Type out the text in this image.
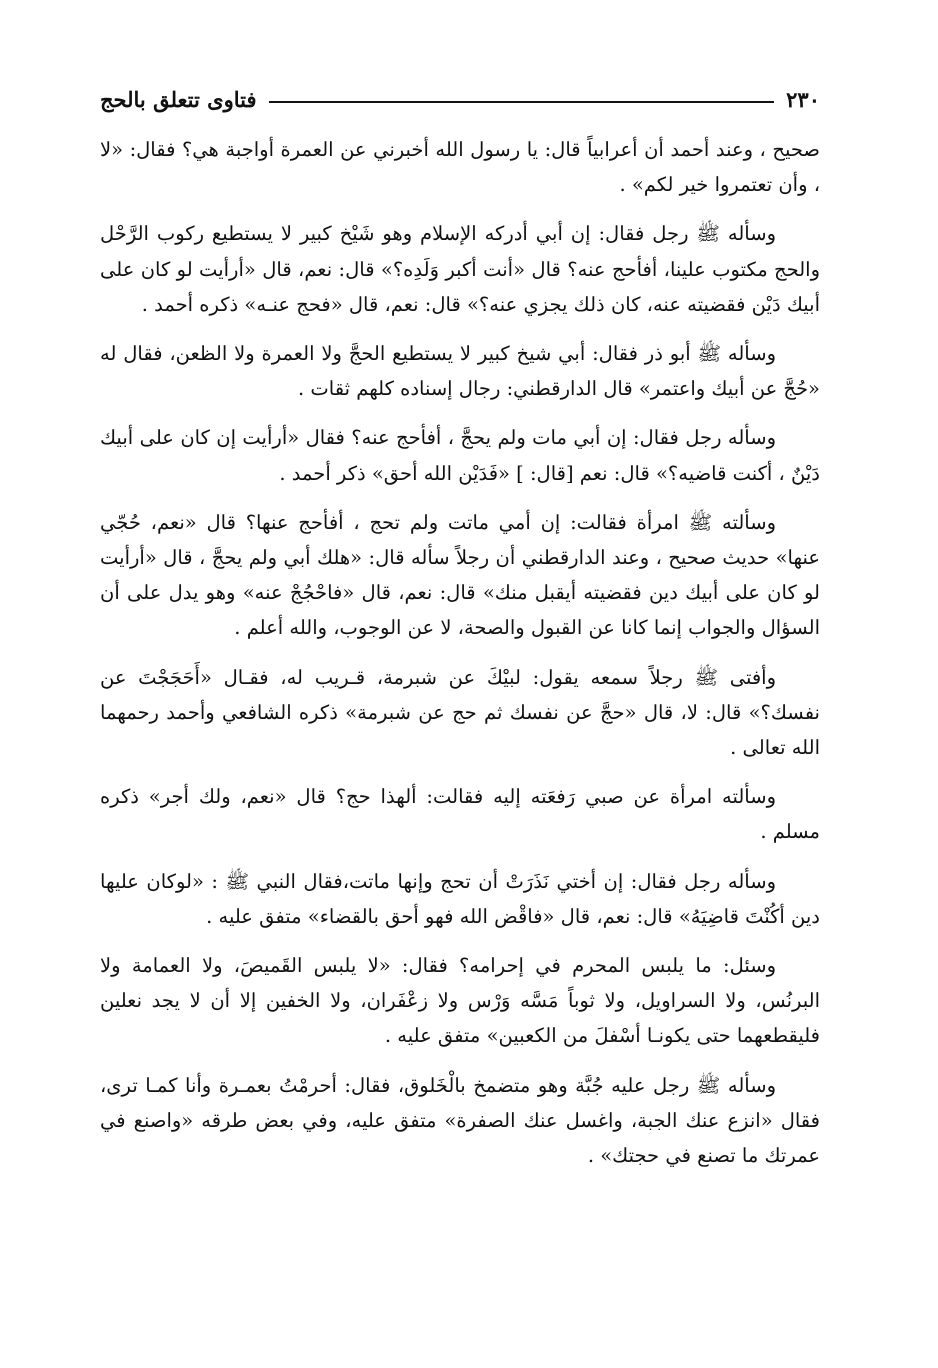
٢٣٠
فتاوى تتعلق بالحج

صحيح ، وعند أحمد أن أعرابياً قال: يا رسول الله أخبرني عن العمرة أواجبة هي؟ فقال: «لا ، وأن تعتمروا خير لكم» .

وسأله ﷺ رجل فقال: إن أبي أدركه الإسلام وهو شَيْخ كبير لا يستطيع ركوب الرَّحْل والحج مكتوب علينا، أفأحج عنه؟ قال «أنت أكبر وَلَدِه؟» قال: نعم، قال «أرأيت لو كان على أبيك دَيْن فقضيته عنه، كان ذلك يجزي عنه؟» قال: نعم، قال «فحج عنـه» ذكره أحمد .

وسأله ﷺ أبو ذر فقال: أبي شيخ كبير لا يستطيع الحجَّ ولا العمرة ولا الظعن، فقال له «حُجَّ عن أبيك واعتمر» قال الدارقطني: رجال إسناده كلهم ثقات .

وسأله رجل فقال: إن أبي مات ولم يحجَّ ، أفأحج عنه؟ فقال «أرأيت إن كان على أبيك دَيْنٌ ، أكنت قاضيه؟» قال: نعم [قال: ] «فَدَيْن الله أحق» ذكر أحمد .

وسألته ﷺ امرأة فقالت: إن أمي ماتت ولم تحج ، أفأحج عنها؟ قال «نعم، حُجّي عنها» حديث صحيح ، وعند الدارقطني أن رجلاً سأله قال: «هلك أبي ولم يحجَّ ، قال «أرأيت لو كان على أبيك دين فقضيته أيقبل منك» قال: نعم، قال «فاحْجُجْ عنه» وهو يدل على أن السؤال والجواب إنما كانا عن القبول والصحة، لا عن الوجوب، والله أعلم .

وأفتى ﷺ رجلاً سمعه يقول: لبيْكَ عن شبرمة، قـريب له، فقـال «أَحَجَجْتَ عن نفسك؟» قال: لا، قال «حجَّ عن نفسك ثم حج عن شبرمة» ذكره الشافعي وأحمد رحمهما الله تعالى .

وسألته امرأة عن صبي رَفعَته إليه فقالت: ألهذا حج؟ قال «نعم، ولك أجر» ذكره مسلم .

وسأله رجل فقال: إن أختي نَذَرَتْ أن تحج وإنها ماتت،فقال النبي ﷺ : «لوكان عليها دين أكُنْتَ قاضِيَهُ» قال: نعم، قال «فاقْض الله فهو أحق بالقضاء» متفق عليه .

وسئل: ما يلبس المحرم في إحرامه؟ فقال: «لا يلبس القَميصَ، ولا العمامة ولا البرنُس، ولا السراويل، ولا ثوباً مَسَّه وَرْس ولا زعْفَران، ولا الخفين إلا أن لا يجد نعلين فليقطعهما حتى يكونـا أسْفلَ من الكعبين» متفق عليه .

وسأله ﷺ رجل عليه جُبَّة وهو متضمخ بالْخَلوق، فقال: أحرمْتُ بعمـرة وأنا كمـا ترى، فقال «انزع عنك الجبة، واغسل عنك الصفرة» متفق عليه، وفي بعض طرقه «واصنع في عمرتك ما تصنع في حجتك» .
